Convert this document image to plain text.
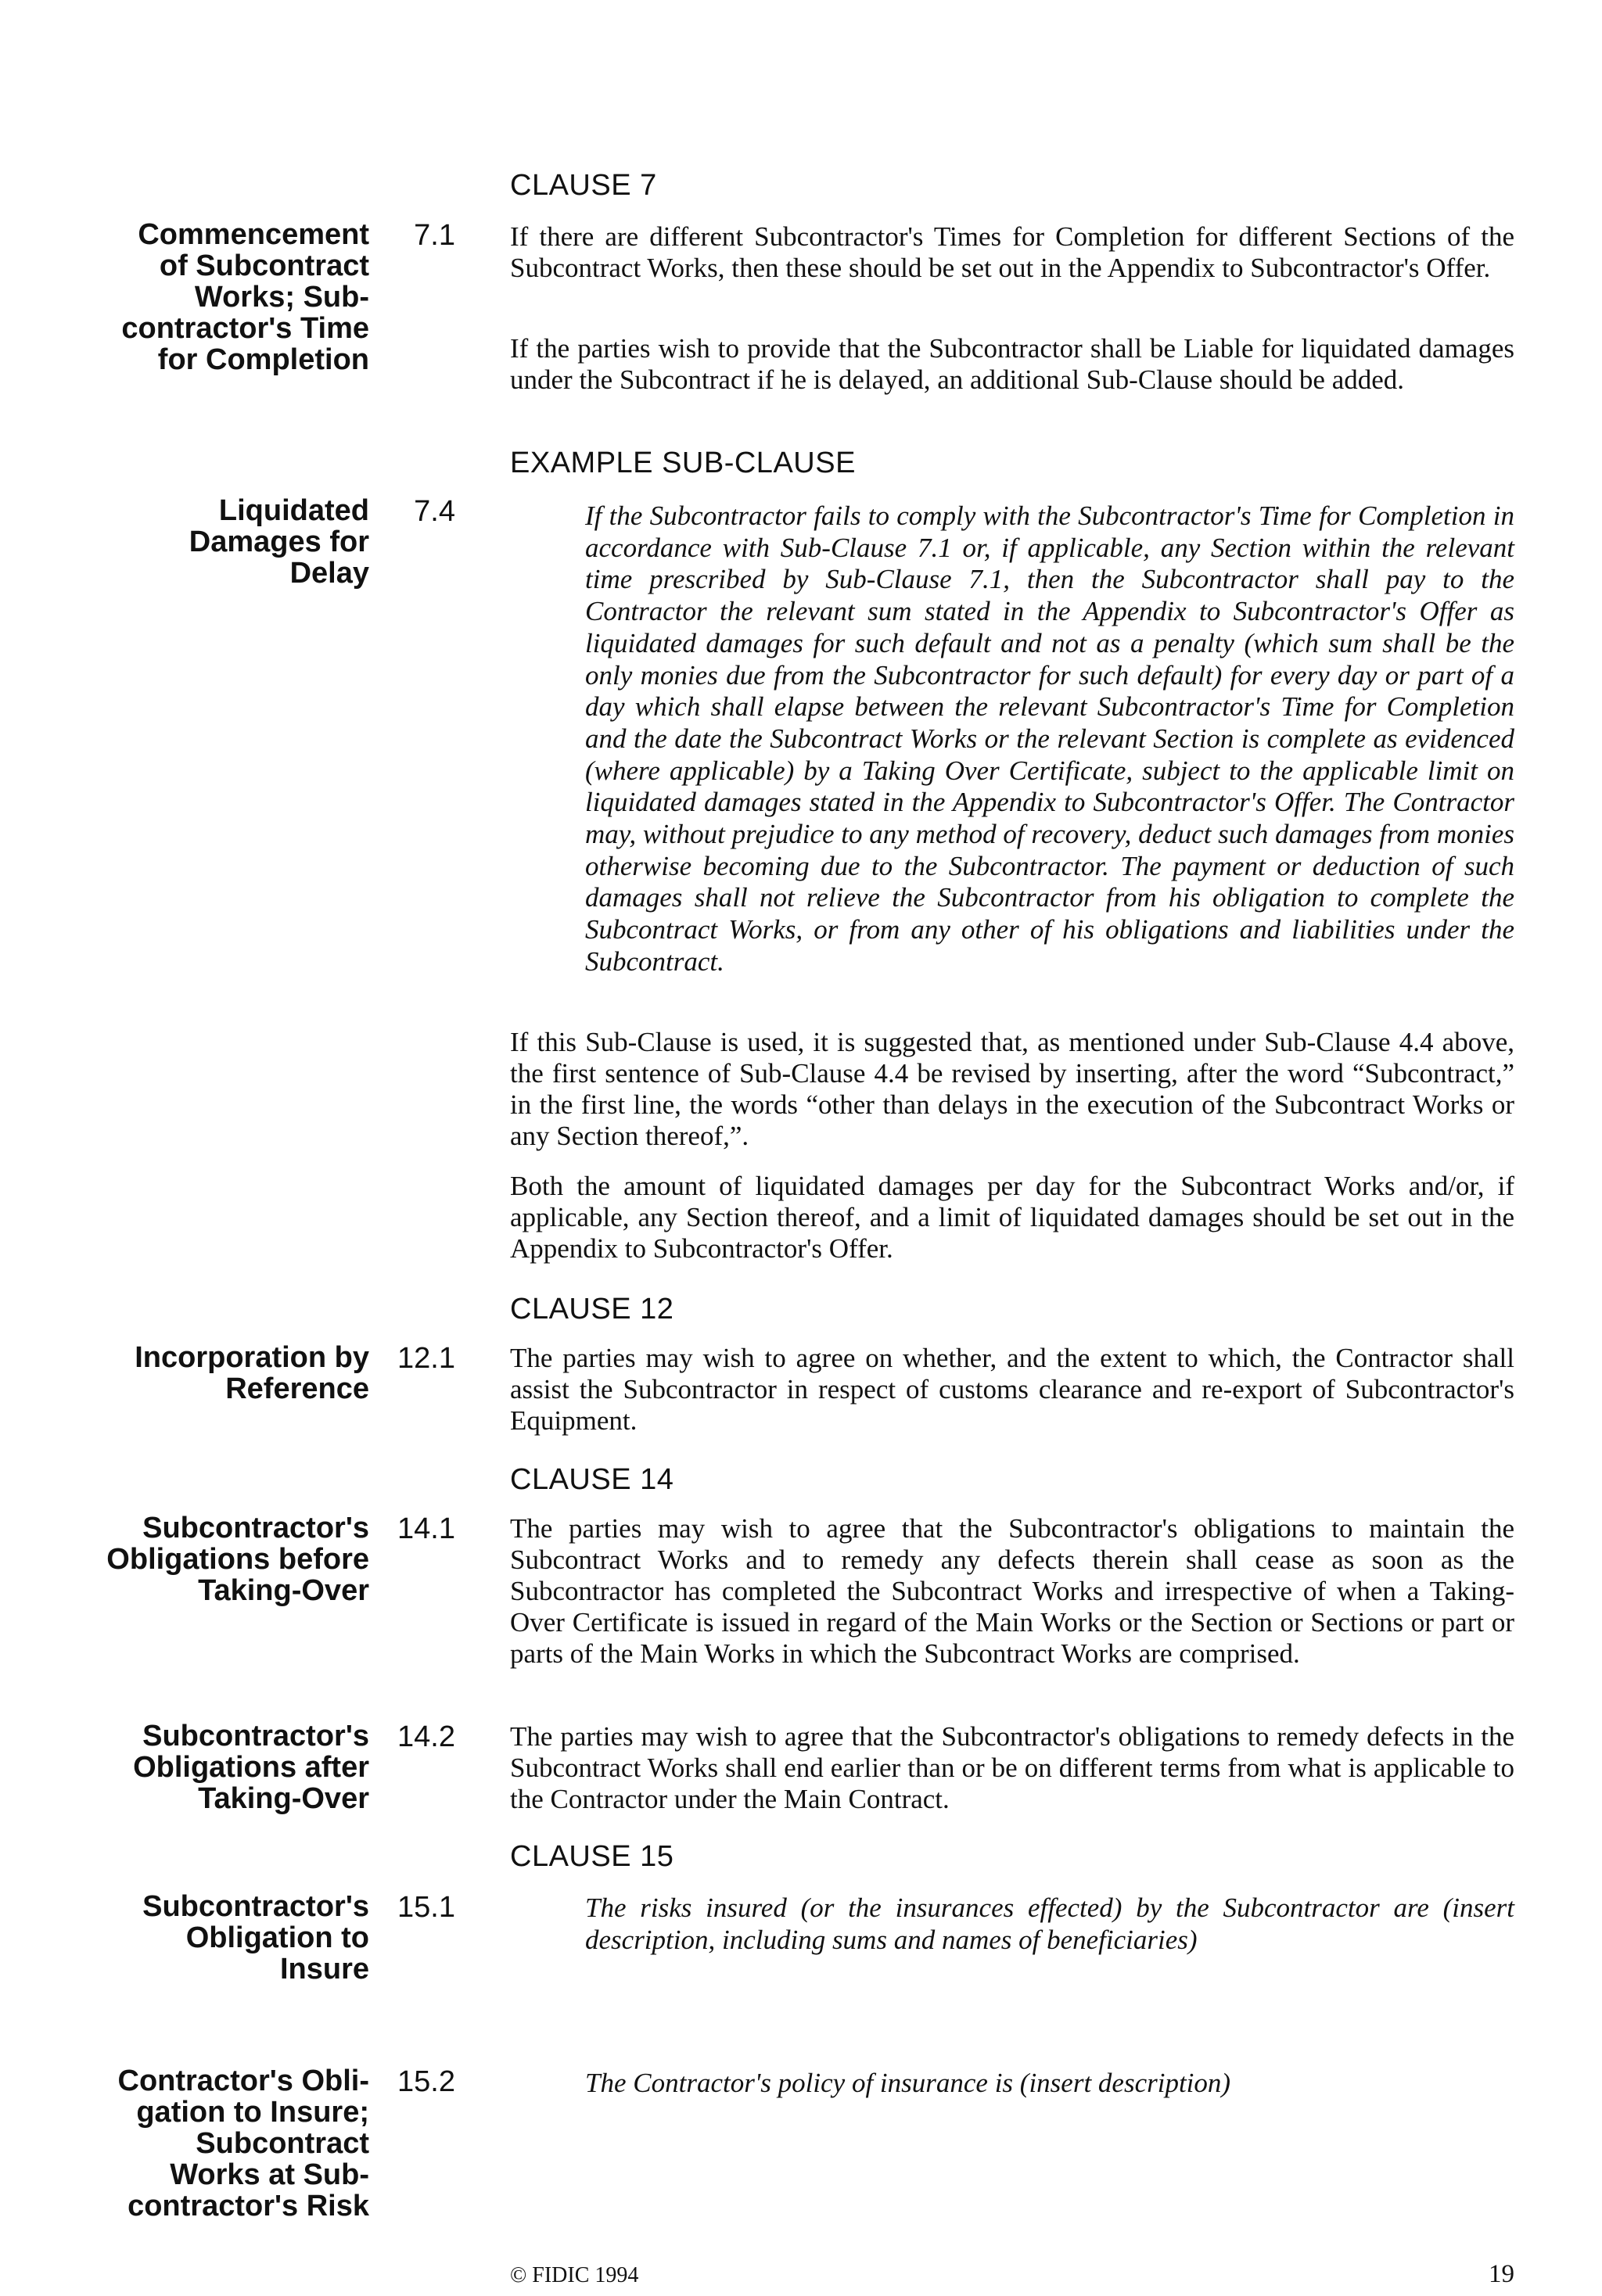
CLAUSE 7
Commencement
of Subcontract
Works; Sub-
contractor's Time
for Completion
7.1 If there are different Subcontractor's Times for Completion for different Sections of the Subcontract Works, then these should be set out in the Appendix to Subcontractor's Offer.

If the parties wish to provide that the Subcontractor shall be Liable for liquidated damages under the Subcontract if he is delayed, an additional Sub-Clause should be added.

EXAMPLE SUB-CLAUSE
Liquidated
Damages for
Delay
7.4	If the Subcontractor fails to comply with the Subcontractor's Time for Completion in accordance with Sub-Clause 7.1 or, if applicable, any Section within the relevant time prescribed by Sub-Clause 7.1, then the Subcontractor shall pay to the Contractor the relevant sum stated in the Appendix to Subcontractor's Offer as liquidated damages for such default and not as a penalty (which sum shall be the only monies due from the Subcontractor for such default) for every day or part of a day which shall elapse between the relevant Subcontractor's Time for Completion and the date the Subcontract Works or the relevant Section is complete as evidenced (where applicable) by a Taking Over Certificate, subject to the applicable limit on liquidated damages stated in the Appendix to Subcontractor's Offer. The Contractor may, without prejudice to any method of recovery, deduct such damages from monies otherwise becoming due to the Subcontractor. The payment or deduction of such damages shall not relieve the Subcontractor from his obligation to complete the Subcontract Works, or from any other of his obligations and liabilities under the Subcontract.

If this Sub-Clause is used, it is suggested that, as mentioned under Sub-Clause 4.4 above, the first sentence of Sub-Clause 4.4 be revised by inserting, after the word “Subcontract,” in the first line, the words “other than delays in the execution of the Subcontract Works or any Section thereof,”.

Both the amount of liquidated damages per day for the Subcontract Works and/or, if applicable, any Section thereof, and a limit of liquidated damages should be set out in the Appendix to Subcontractor's Offer.

CLAUSE 12
Incorporation by
Reference
12.1 The parties may wish to agree on whether, and the extent to which, the Contractor shall assist the Subcontractor in respect of customs clearance and re-export of Subcontractor's Equipment.

CLAUSE 14
Subcontractor's
Obligations before
Taking-Over
14.1 The parties may wish to agree that the Subcontractor's obligations to maintain the Subcontract Works and to remedy any defects therein shall cease as soon as the Subcontractor has completed the Subcontract Works and irrespective of when a Taking-Over Certificate is issued in regard of the Main Works or the Section or Sections or part or parts of the Main Works in which the Subcontract Works are comprised.

Subcontractor's
Obligations after
Taking-Over
14.2 The parties may wish to agree that the Subcontractor's obligations to remedy defects in the Subcontract Works shall end earlier than or be on different terms from what is applicable to the Contractor under the Main Contract.

CLAUSE 15
Subcontractor's
Obligation to
Insure
15.1	The risks insured (or the insurances effected) by the Subcontractor are (insert description, including sums and names of beneficiaries)

Contractor's Obli-
gation to Insure;
Subcontract
Works at Sub-
contractor's Risk
15.2	The Contractor's policy of insurance is (insert description)

© FIDIC 1994	19
